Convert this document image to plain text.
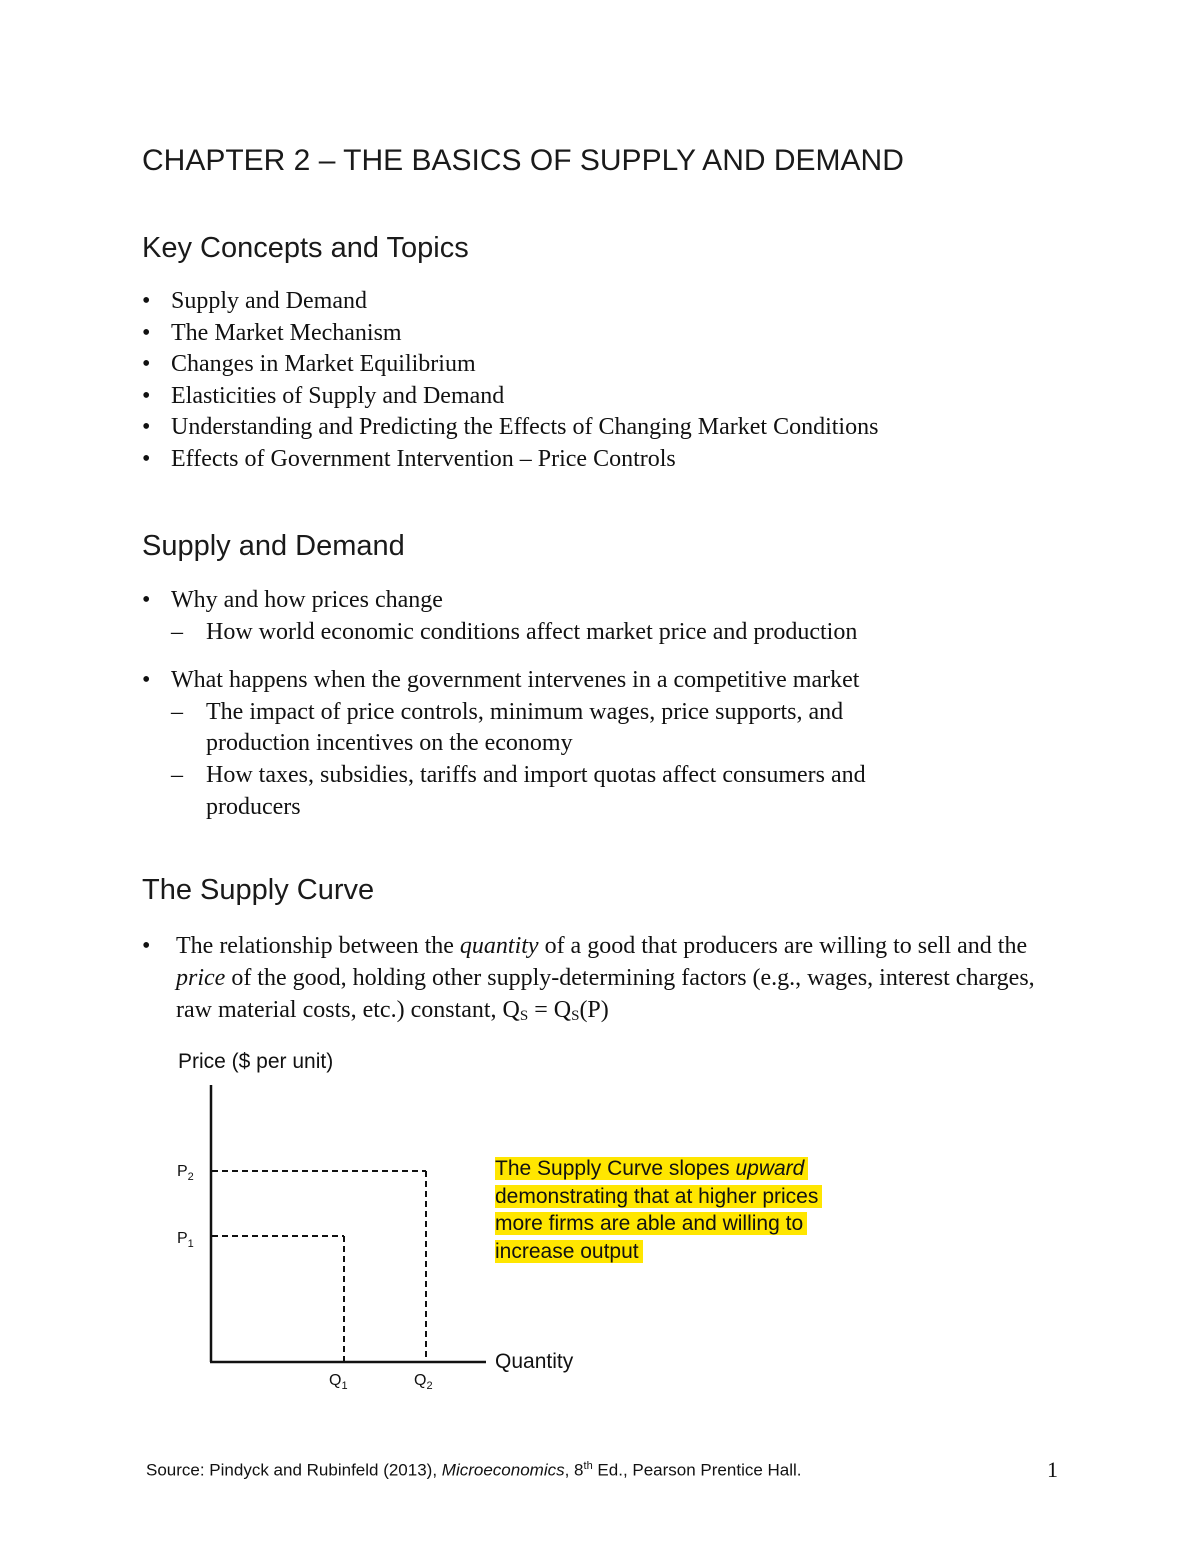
CHAPTER 2 – THE BASICS OF SUPPLY AND DEMAND
Key Concepts and Topics
• Supply and Demand
• The Market Mechanism
• Changes in Market Equilibrium
• Elasticities of Supply and Demand
• Understanding and Predicting the Effects of Changing Market Conditions
• Effects of Government Intervention – Price Controls
Supply and Demand
• Why and how prices change
– How world economic conditions affect market price and production
• What happens when the government intervenes in a competitive market
– The impact of price controls, minimum wages, price supports, and
production incentives on the economy
– How taxes, subsidies, tariffs and import quotas affect consumers and
producers
The Supply Curve
•	The relationship between the quantity of a good that producers are willing to sell and the price of the good, holding other supply-determining factors (e.g., wages, interest charges, raw material costs, etc.) constant, $Q_S = Q_S(P)$
Price ($ per unit)
Quantity
$P_2$
$P_1$
$Q_1$	$Q_2$
The Supply Curve slopes upward
demonstrating that at higher prices
more firms are able and willing to
increase output
Source: Pindyck and Rubinfeld (2013), Microeconomics, 8th Ed., Pearson Prentice Hall.	1
